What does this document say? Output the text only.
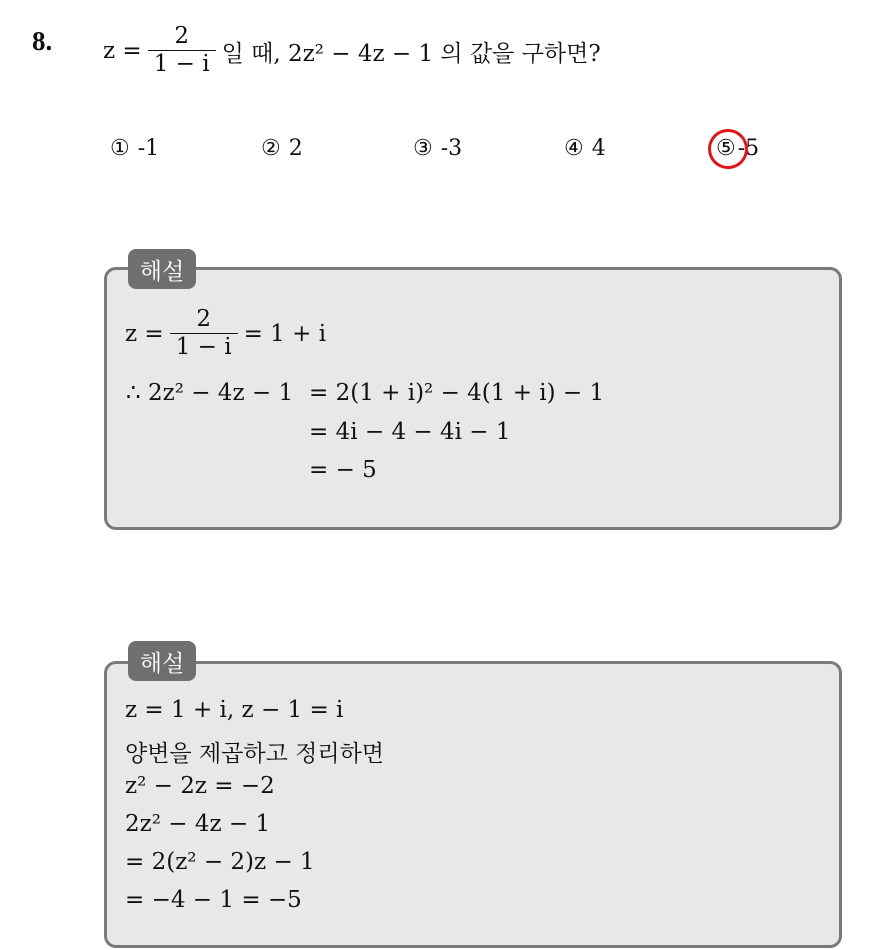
8. $z = \frac{2}{1 - i}$ 일 때, 2z² − 4z − 1 의 값을 구하면?
① -1	② 2	③ -3	④ 4	⑤ -5
해설
$z = \frac{2}{1 - i} = 1 + i$
∴ 2z² − 4z − 1 = 2(1 + i)² − 4(1 + i) − 1
= 4i − 4 − 4i − 1
= − 5
해설
z = 1 + i, z − 1 = i
양변을 제곱하고 정리하면
z² − 2z = −2
2z² − 4z − 1
= 2(z² − 2)z − 1
= −4 − 1 = −5
